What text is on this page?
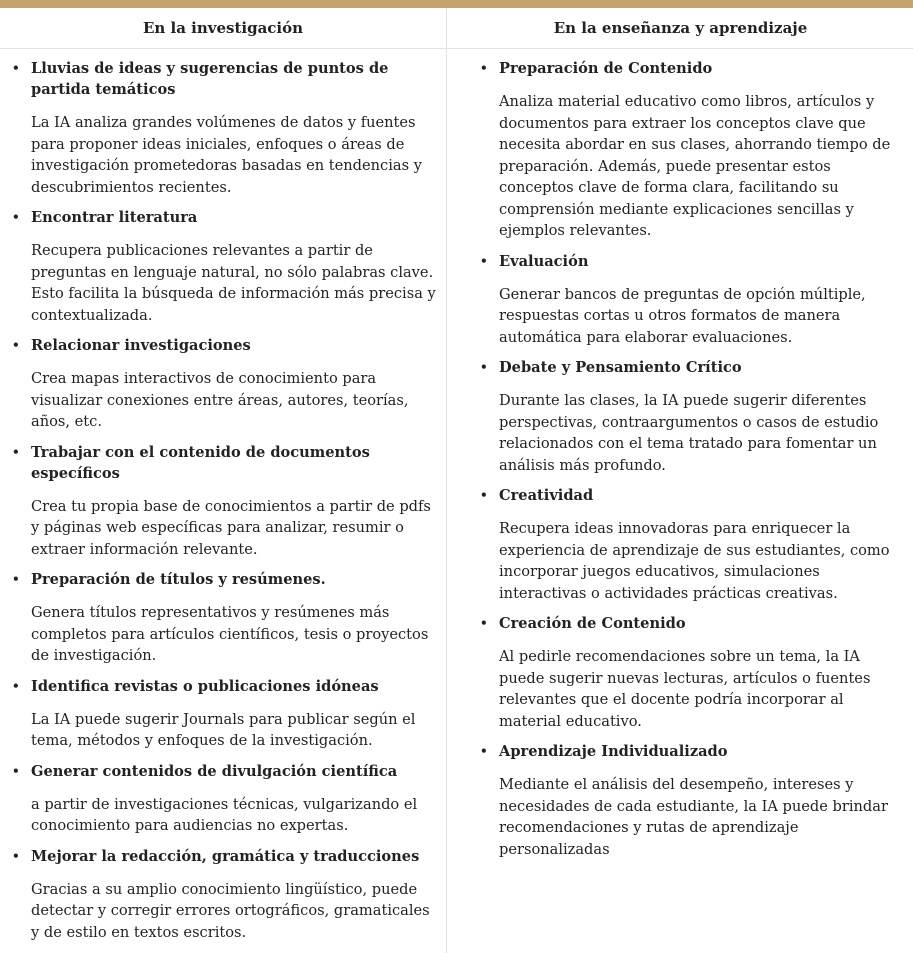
En la investigación	En la enseñanza y aprendizaje
• Lluvias de ideas y sugerencias de puntos de partida temáticos
La IA analiza grandes volúmenes de datos y fuentes para proponer ideas iniciales, enfoques o áreas de investigación prometedoras basadas en tendencias y descubrimientos recientes.
• Encontrar literatura
Recupera publicaciones relevantes a partir de preguntas en lenguaje natural, no sólo palabras clave. Esto facilita la búsqueda de información más precisa y contextualizada.
• Relacionar investigaciones
Crea mapas interactivos de conocimiento para visualizar conexiones entre áreas, autores, teorías, años, etc.
• Trabajar con el contenido de documentos específicos
Crea tu propia base de conocimientos a partir de pdfs y páginas web específicas para analizar, resumir o extraer información relevante.
• Preparación de títulos y resúmenes.
Genera títulos representativos y resúmenes más completos para artículos científicos, tesis o proyectos de investigación.
• Identifica revistas o publicaciones idóneas
La IA puede sugerir Journals para publicar según el tema, métodos y enfoques de la investigación.
• Generar contenidos de divulgación científica
a partir de investigaciones técnicas, vulgarizando el conocimiento para audiencias no expertas.
• Mejorar la redacción, gramática y traducciones
Gracias a su amplio conocimiento lingüístico, puede detectar y corregir errores ortográficos, gramaticales y de estilo en textos escritos.
• Preparación de Contenido
Analiza material educativo como libros, artículos y documentos para extraer los conceptos clave que necesita abordar en sus clases, ahorrando tiempo de preparación. Además, puede presentar estos conceptos clave de forma clara, facilitando su comprensión mediante explicaciones sencillas y ejemplos relevantes.
• Evaluación
Generar bancos de preguntas de opción múltiple, respuestas cortas u otros formatos de manera automática para elaborar evaluaciones.
• Debate y Pensamiento Crítico
Durante las clases, la IA puede sugerir diferentes perspectivas, contraargumentos o casos de estudio relacionados con el tema tratado para fomentar un análisis más profundo.
• Creatividad
Recupera ideas innovadoras para enriquecer la experiencia de aprendizaje de sus estudiantes, como incorporar juegos educativos, simulaciones interactivas o actividades prácticas creativas.
• Creación de Contenido
Al pedirle recomendaciones sobre un tema, la IA puede sugerir nuevas lecturas, artículos o fuentes relevantes que el docente podría incorporar al material educativo.
• Aprendizaje Individualizado
Mediante el análisis del desempeño, intereses y necesidades de cada estudiante, la IA puede brindar recomendaciones y rutas de aprendizaje personalizadas
